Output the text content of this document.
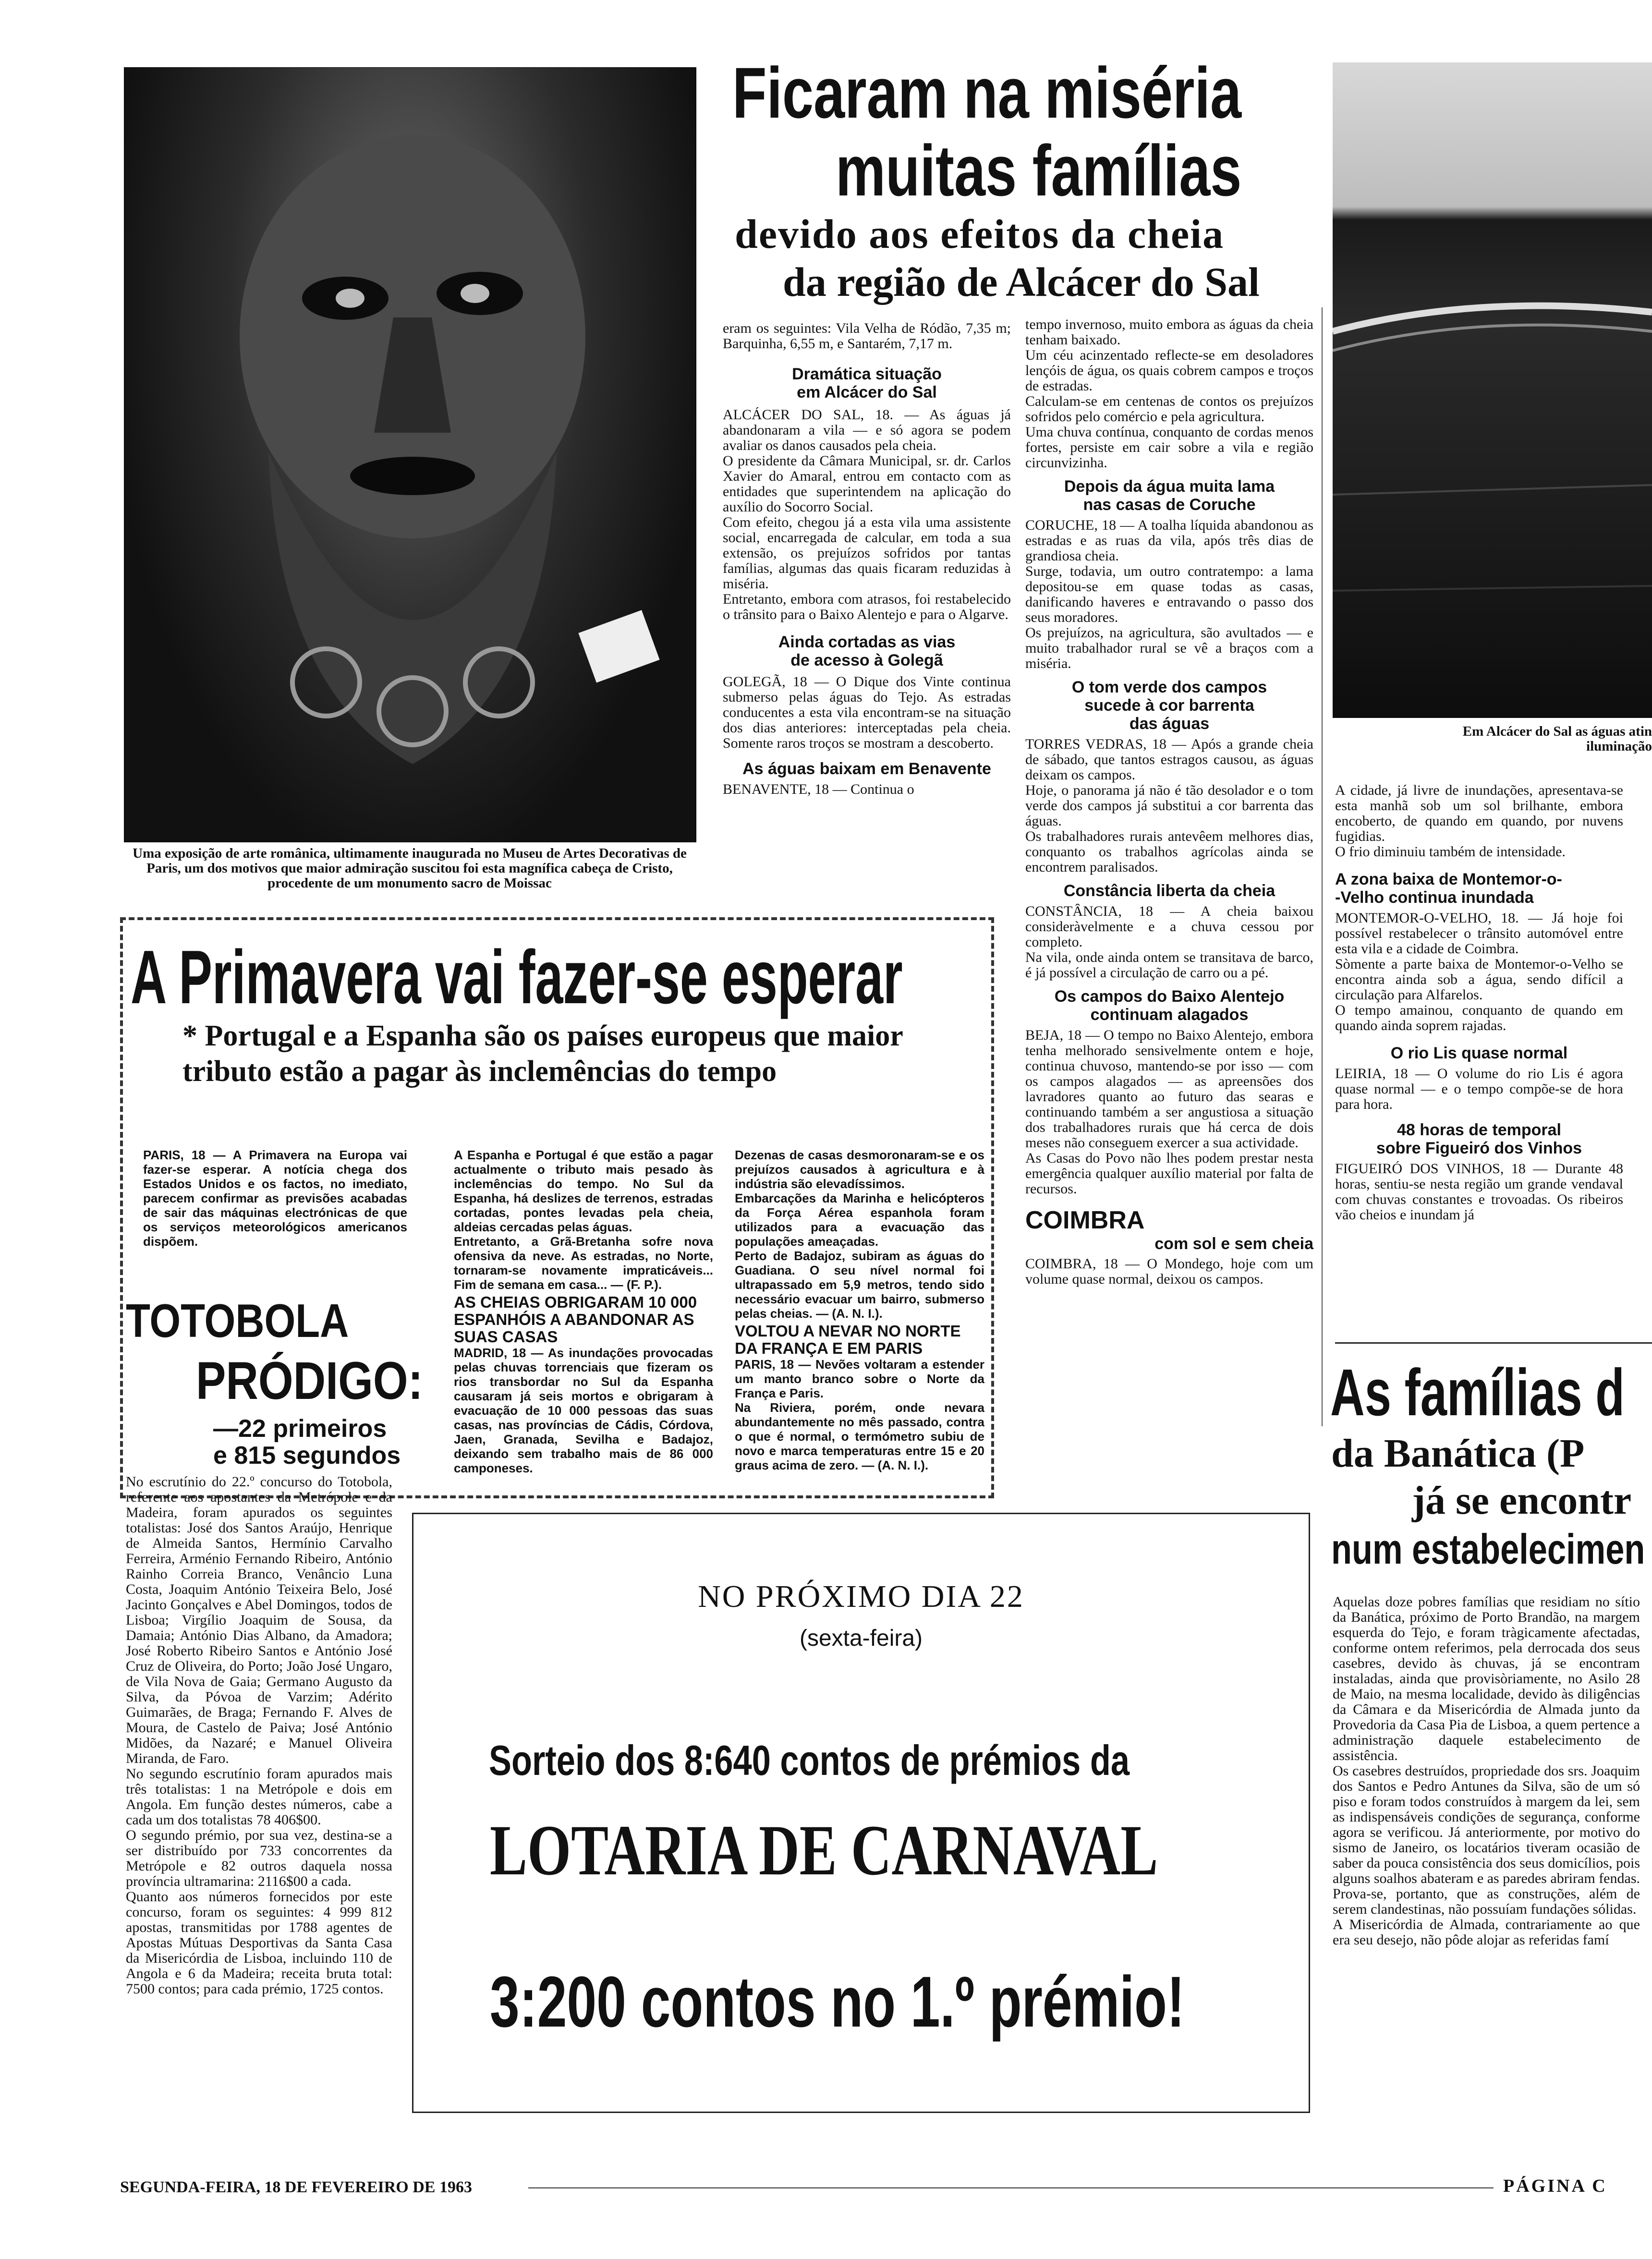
Uma exposição de arte românica, ultimamente inaugurada no Museu de Artes Decorativas de Paris, um dos motivos que maior admiração suscitou foi esta magnífica cabeça de Cristo, procedente de um monumento sacro de Moissac
Ficaram na miséria
muitas famílias
devido aos efeitos da cheia
da região de Alcácer do Sal

eram os seguintes: Vila Velha de Ródão, 7,35 m; Barquinha, 6,55 m, e Santarém, 7,17 m.

Dramática situação
em Alcácer do Sal

ALCÁCER DO SAL, 18. — As águas já abandonaram a vila — e só agora se podem avaliar os danos causados pela cheia.
O presidente da Câmara Municipal, sr. dr. Carlos Xavier do Amaral, entrou em contacto com as entidades que superintendem na aplicação do auxílio do Socorro Social.
Com efeito, chegou já a esta vila uma assistente social, encarregada de calcular, em toda a sua extensão, os prejuízos sofridos por tantas famílias, algumas das quais ficaram reduzidas à miséria.
Entretanto, embora com atrasos, foi restabelecido o trânsito para o Baixo Alentejo e para o Algarve.

Ainda cortadas as vias
de acesso à Golegã

GOLEGÃ, 18 — O Dique dos Vinte continua submerso pelas águas do Tejo. As estradas conducentes a esta vila encontram-se na situação dos dias anteriores: interceptadas pela cheia. Somente raros troços se mostram a descoberto.

As águas baixam em Benavente

BENAVENTE, 18 — Continua o

tempo invernoso, muito embora as águas da cheia tenham baixado.
Um céu acinzentado reflecte-se em desoladores lençóis de água, os quais cobrem campos e troços de estradas.
Calculam-se em centenas de contos os prejuízos sofridos pelo comércio e pela agricultura.
Uma chuva contínua, conquanto de cordas menos fortes, persiste em cair sobre a vila e região circunvizinha.

Depois da água muita lama
nas casas de Coruche

CORUCHE, 18 — A toalha líquida abandonou as estradas e as ruas da vila, após três dias de grandiosa cheia.
Surge, todavia, um outro contratempo: a lama depositou-se em quase todas as casas, danificando haveres e entravando o passo dos seus moradores.
Os prejuízos, na agricultura, são avultados — e muito trabalhador rural se vê a braços com a miséria.

O tom verde dos campos
sucede à cor barrenta
das águas

TORRES VEDRAS, 18 — Após a grande cheia de sábado, que tantos estragos causou, as águas deixam os campos.
Hoje, o panorama já não é tão desolador e o tom verde dos campos já substitui a cor barrenta das águas.
Os trabalhadores rurais antevêem melhores dias, conquanto os trabalhos agrícolas ainda se encontrem paralisados.

Constância liberta da cheia

CONSTÂNCIA, 18 — A cheia baixou consideràvelmente e a chuva cessou por completo.
Na vila, onde ainda ontem se transitava de barco, é já possível a circulação de carro ou a pé.

Os campos do Baixo Alentejo
continuam alagados

BEJA, 18 — O tempo no Baixo Alentejo, embora tenha melhorado sensivelmente ontem e hoje, continua chuvoso, mantendo-se por isso — com os campos alagados — as apreensões dos lavradores quanto ao futuro das searas e continuando também a ser angustiosa a situação dos trabalhadores rurais que há cerca de dois meses não conseguem exercer a sua actividade.
As Casas do Povo não lhes podem prestar nesta emergência qualquer auxílio material por falta de recursos.

COIMBRA
com sol e sem cheia

COIMBRA, 18 — O Mondego, hoje com um volume quase normal, deixou os campos.

Em Alcácer do Sal as águas atin
iluminação

A cidade, já livre de inundações, apresentava-se esta manhã sob um sol brilhante, embora encoberto, de quando em quando, por nuvens fugidias.
O frio diminuiu também de intensidade.

A zona baixa de Montemor-o-
-Velho continua inundada

MONTEMOR-O-VELHO, 18. — Já hoje foi possível restabelecer o trânsito automóvel entre esta vila e a cidade de Coimbra.
Sòmente a parte baixa de Montemor-o-Velho se encontra ainda sob a água, sendo difícil a circulação para Alfarelos.
O tempo amainou, conquanto de quando em quando ainda soprem rajadas.

O rio Lis quase normal

LEIRIA, 18 — O volume do rio Lis é agora quase normal — e o tempo compõe-se de hora para hora.

48 horas de temporal
sobre Figueiró dos Vinhos

FIGUEIRÓ DOS VINHOS, 18 — Durante 48 horas, sentiu-se nesta região um grande vendaval com chuvas constantes e trovoadas. Os ribeiros vão cheios e inundam já

A Primavera vai fazer-se esperar
* Portugal e a Espanha são os países europeus que maior tributo estão a pagar às inclemências do tempo

PARIS, 18 — A Primavera na Europa vai fazer-se esperar. A notícia chega dos Estados Unidos e os factos, no imediato, parecem confirmar as previsões acabadas de sair das máquinas electrónicas de que os serviços meteorológicos americanos dispõem.

A Espanha e Portugal é que estão a pagar actualmente o tributo mais pesado às inclemências do tempo. No Sul da Espanha, há deslizes de terrenos, estradas cortadas, pontes levadas pela cheia, aldeias cercadas pelas águas.
Entretanto, a Grã-Bretanha sofre nova ofensiva da neve. As estradas, no Norte, tornaram-se novamente impraticáveis... Fim de semana em casa... — (F. P.).

AS CHEIAS OBRIGARAM 10 000 ESPANHÓIS A ABANDONAR AS SUAS CASAS

MADRID, 18 — As inundações provocadas pelas chuvas torrenciais que fizeram os rios transbordar no Sul da Espanha causaram já seis mortos e obrigaram à evacuação de 10 000 pessoas das suas casas, nas províncias de Cádis, Córdova, Jaen, Granada, Sevilha e Badajoz, deixando sem trabalho mais de 86 000 camponeses.

Dezenas de casas desmoronaram-se e os prejuízos causados à agricultura e à indústria são elevadíssimos.
Embarcações da Marinha e helicópteros da Força Aérea espanhola foram utilizados para a evacuação das populações ameaçadas.
Perto de Badajoz, subiram as águas do Guadiana. O seu nível normal foi ultrapassado em 5,9 metros, tendo sido necessário evacuar um bairro, submerso pelas cheias. — (A. N. I.).

VOLTOU A NEVAR NO NORTE DA FRANÇA E EM PARIS

PARIS, 18 — Nevões voltaram a estender um manto branco sobre o Norte da França e Paris.
Na Riviera, porém, onde nevara abundantemente no mês passado, contra o que é normal, o termómetro subiu de novo e marca temperaturas entre 15 e 20 graus acima de zero. — (A. N. I.).

TOTOBOLA
PRÓDIGO:
—22 primeiros
e 815 segundos

No escrutínio do 22.º concurso do Totobola, referente aos apostantes da Metrópole e da Madeira, foram apurados os seguintes totalistas: José dos Santos Araújo, Henrique de Almeida Santos, Hermínio Carvalho Ferreira, Arménio Fernando Ribeiro, António Rainho Correia Branco, Venâncio Luna Costa, Joaquim António Teixeira Belo, José Jacinto Gonçalves e Abel Domingos, todos de Lisboa; Virgílio Joaquim de Sousa, da Damaia; António Dias Albano, da Amadora; José Roberto Ribeiro Santos e António José Cruz de Oliveira, do Porto; João José Ungaro, de Vila Nova de Gaia; Germano Augusto da Silva, da Póvoa de Varzim; Adérito Guimarães, de Braga; Fernando F. Alves de Moura, de Castelo de Paiva; José António Midões, da Nazaré; e Manuel Oliveira Miranda, de Faro.
No segundo escrutínio foram apurados mais três totalistas: 1 na Metrópole e dois em Angola. Em função destes números, cabe a cada um dos totalistas 78 406$00.
O segundo prémio, por sua vez, destina-se a ser distribuído por 733 concorrentes da Metrópole e 82 outros daquela nossa província ultramarina: 2116$00 a cada.
Quanto aos números fornecidos por este concurso, foram os seguintes: 4 999 812 apostas, transmitidas por 1788 agentes de Apostas Mútuas Desportivas da Santa Casa da Misericórdia de Lisboa, incluindo 110 de Angola e 6 da Madeira; receita bruta total: 7500 contos; para cada prémio, 1725 contos.

NO PRÓXIMO DIA 22
(sexta-feira)
Sorteio dos 8:640 contos de prémios da
LOTARIA DE CARNAVAL
3:200 contos no 1.º prémio!
As famílias d
da Banática (P
já se encontr
num estabelecimen

Aquelas doze pobres famílias que residiam no sítio da Banática, próximo de Porto Brandão, na margem esquerda do Tejo, e foram tràgicamente afectadas, conforme ontem referimos, pela derrocada dos seus casebres, devido às chuvas, já se encontram instaladas, ainda que provisòriamente, no Asilo 28 de Maio, na mesma localidade, devido às diligências da Câmara e da Misericórdia de Almada junto da Provedoria da Casa Pia de Lisboa, a quem pertence a administração daquele estabelecimento de assistência.
Os casebres destruídos, propriedade dos srs. Joaquim dos Santos e Pedro Antunes da Silva, são de um só piso e foram todos construídos à margem da lei, sem as indispensáveis condições de segurança, conforme agora se verificou. Já anteriormente, por motivo do sismo de Janeiro, os locatários tiveram ocasião de saber da pouca consistência dos seus domicílios, pois alguns soalhos abateram e as paredes abriram fendas. Prova-se, portanto, que as construções, além de serem clandestinas, não possuíam fundações sólidas.
A Misericórdia de Almada, contrariamente ao que era seu desejo, não pôde alojar as referidas famí

SEGUNDA-FEIRA, 18 DE FEVEREIRO DE 1963	PÁGINA C
